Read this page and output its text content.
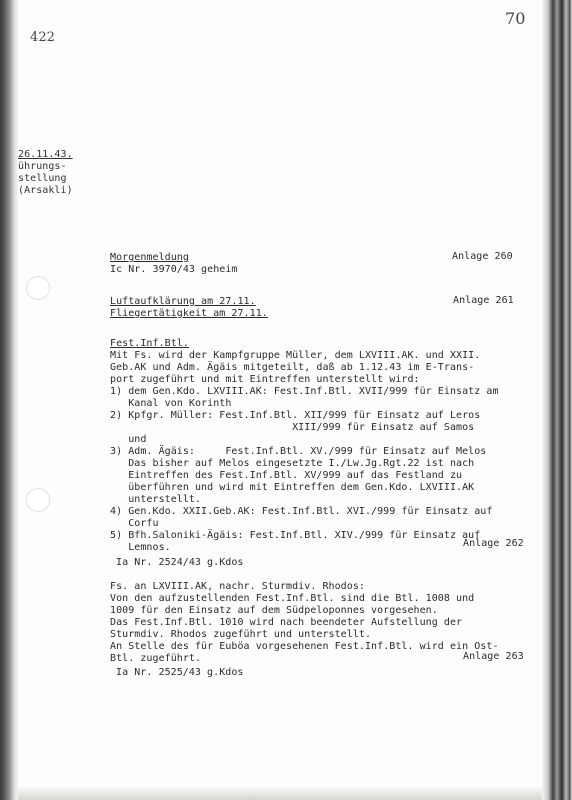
422
70
26.11.43.
ührungs-
stellung
(Arsakli)
Morgenmeldung
Ic Nr. 3970/43 geheim
Anlage 260
Luftaufklärung am 27.11.
Fliegertätigkeit am 27.11.
Anlage 261
Fest.Inf.Btl.
Mit Fs. wird der Kampfgruppe Müller, dem LXVIII.AK. und XXII.
Geb.AK und Adm. Ägäis mitgeteilt, daß ab 1.12.43 im E-Trans-
port zugeführt und mit Eintreffen unterstellt wird:
1) dem Gen.Kdo. LXVIII.AK: Fest.Inf.Btl. XVII/999 für Einsatz am
Kanal von Korinth
2) Kpfgr. Müller: Fest.Inf.Btl. XII/999 für Einsatz auf Leros
XIII/999 für Einsatz auf Samos
und
3) Adm. Ägäis:     Fest.Inf.Btl. XV./999 für Einsatz auf Melos
Das bisher auf Melos eingesetzte I./Lw.Jg.Rgt.22 ist nach
Eintreffen des Fest.Inf.Btl. XV/999 auf das Festland zu
überführen und wird mit Eintreffen dem Gen.Kdo. LXVIII.AK
unterstellt.
4) Gen.Kdo. XXII.Geb.AK: Fest.Inf.Btl. XVI./999 für Einsatz auf
Corfu
5) Bfh.Saloniki-Ägäis: Fest.Inf.Btl. XIV./999 für Einsatz auf
Lemnos.	Anlage 262
Ia Nr. 2524/43 g.Kdos
Fs. an LXVIII.AK, nachr. Sturmdiv. Rhodos:
Von den aufzustellenden Fest.Inf.Btl. sind die Btl. 1008 und
1009 für den Einsatz auf dem Südpeloponnes vorgesehen.
Das Fest.Inf.Btl. 1010 wird nach beendeter Aufstellung der
Sturmdiv. Rhodos zugeführt und unterstellt.
An Stelle des für Euböa vorgesehenen Fest.Inf.Btl. wird ein Ost-
Btl. zugeführt.	Anlage 263
Ia Nr. 2525/43 g.Kdos
